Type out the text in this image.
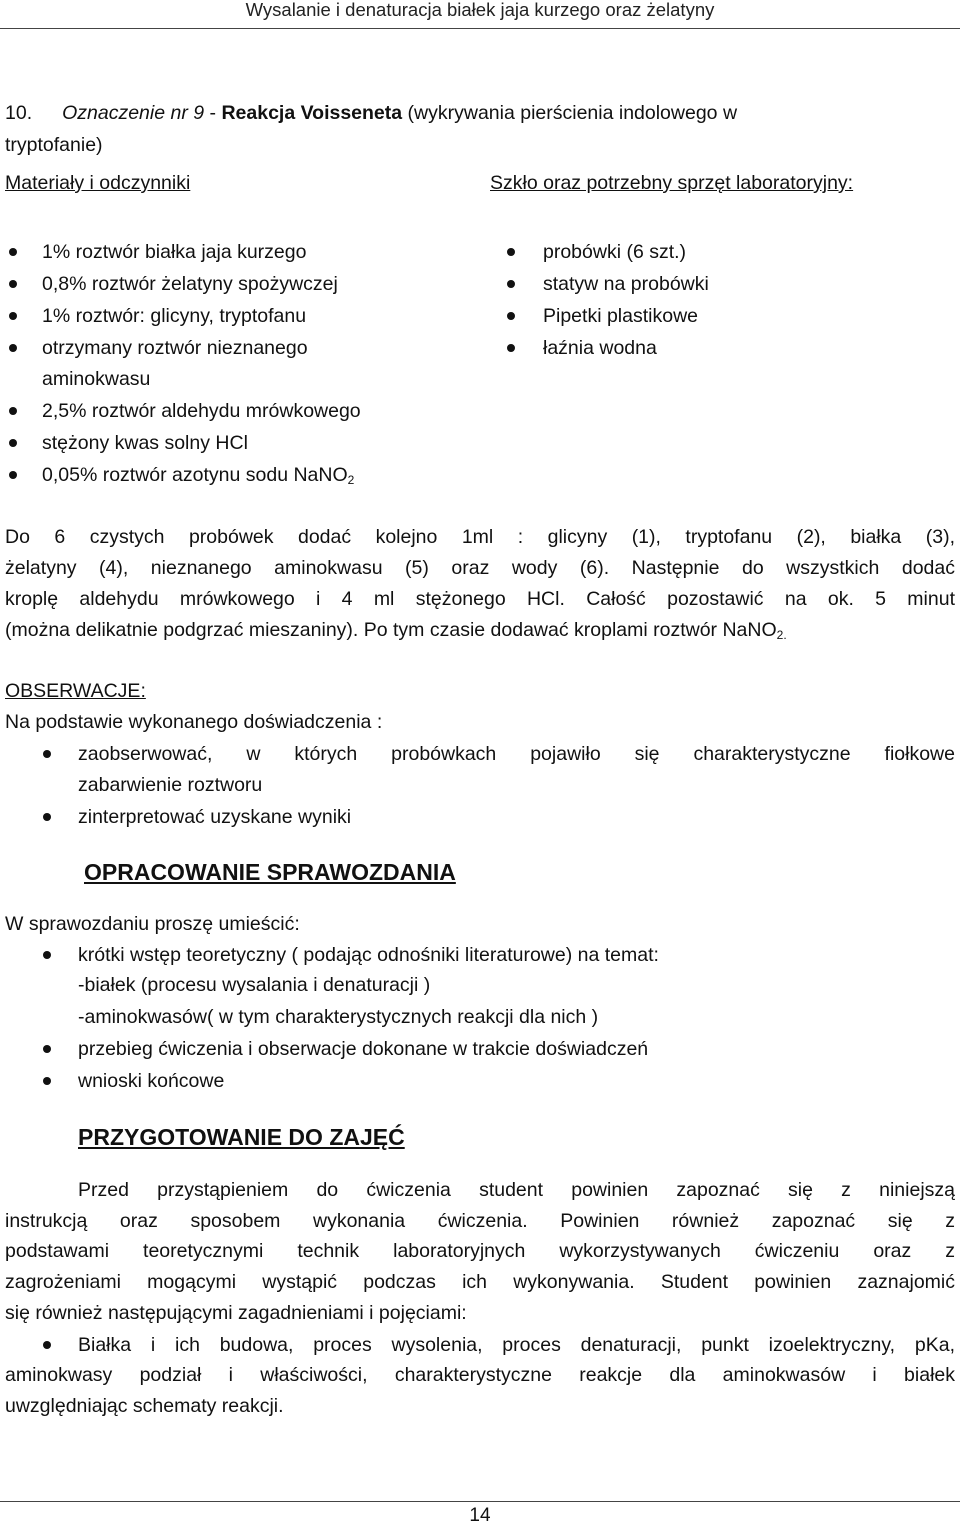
Wysalanie i denaturacja białek jaja kurzego oraz żelatyny
10. Oznaczenie nr 9 - Reakcja Voisseneta (wykrywania pierścienia indolowego w
tryptofanie)
Materiały i odczynniki	Szkło oraz potrzebny sprzęt laboratoryjny:
1% roztwór białka jaja kurzego
0,8% roztwór żelatyny spożywczej
1% roztwór: glicyny, tryptofanu
otrzymany roztwór nieznanego
aminokwasu
2,5% roztwór aldehydu mrówkowego
stężony kwas solny HCl
0,05% roztwór azotynu sodu NaNO$_2$
probówki (6 szt.)
statyw na probówki
Pipetki plastikowe
łaźnia wodna
Do 6 czystych probówek dodać kolejno 1ml : glicyny (1), tryptofanu (2), białka (3),
żelatyny (4), nieznanego aminokwasu (5) oraz wody (6). Następnie do wszystkich dodać
kroplę aldehydu mrówkowego i 4 ml stężonego HCl. Całość pozostawić na ok. 5 minut
(można delikatnie podgrzać mieszaniny). Po tym czasie dodawać kroplami roztwór NaNO$_{2.}$
OBSERWACJE:
Na podstawie wykonanego doświadczenia :
zaobserwować, w których probówkach pojawiło się charakterystyczne fiołkowe
zabarwienie roztworu
zinterpretować uzyskane wyniki
OPRACOWANIE SPRAWOZDANIA
W sprawozdaniu proszę umieścić:
krótki wstęp teoretyczny ( podając odnośniki literaturowe) na temat:
-białek (procesu wysalania i denaturacji )
-aminokwasów( w tym charakterystycznych reakcji dla nich )
przebieg ćwiczenia i obserwacje dokonane w trakcie doświadczeń
wnioski końcowe
PRZYGOTOWANIE DO ZAJĘĆ
Przed przystąpieniem do ćwiczenia student powinien zapoznać się z niniejszą
instrukcją oraz sposobem wykonania ćwiczenia. Powinien również zapoznać się z
podstawami teoretycznymi technik laboratoryjnych wykorzystywanych ćwiczeniu oraz z
zagrożeniami mogącymi wystąpić podczas ich wykonywania. Student powinien zaznajomić
się również następującymi zagadnieniami i pojęciami:
Białka i ich budowa, proces wysolenia, proces denaturacji, punkt izoelektryczny, pKa,
aminokwasy podział i właściwości, charakterystyczne reakcje dla aminokwasów i białek
uwzględniając schematy reakcji.
14
